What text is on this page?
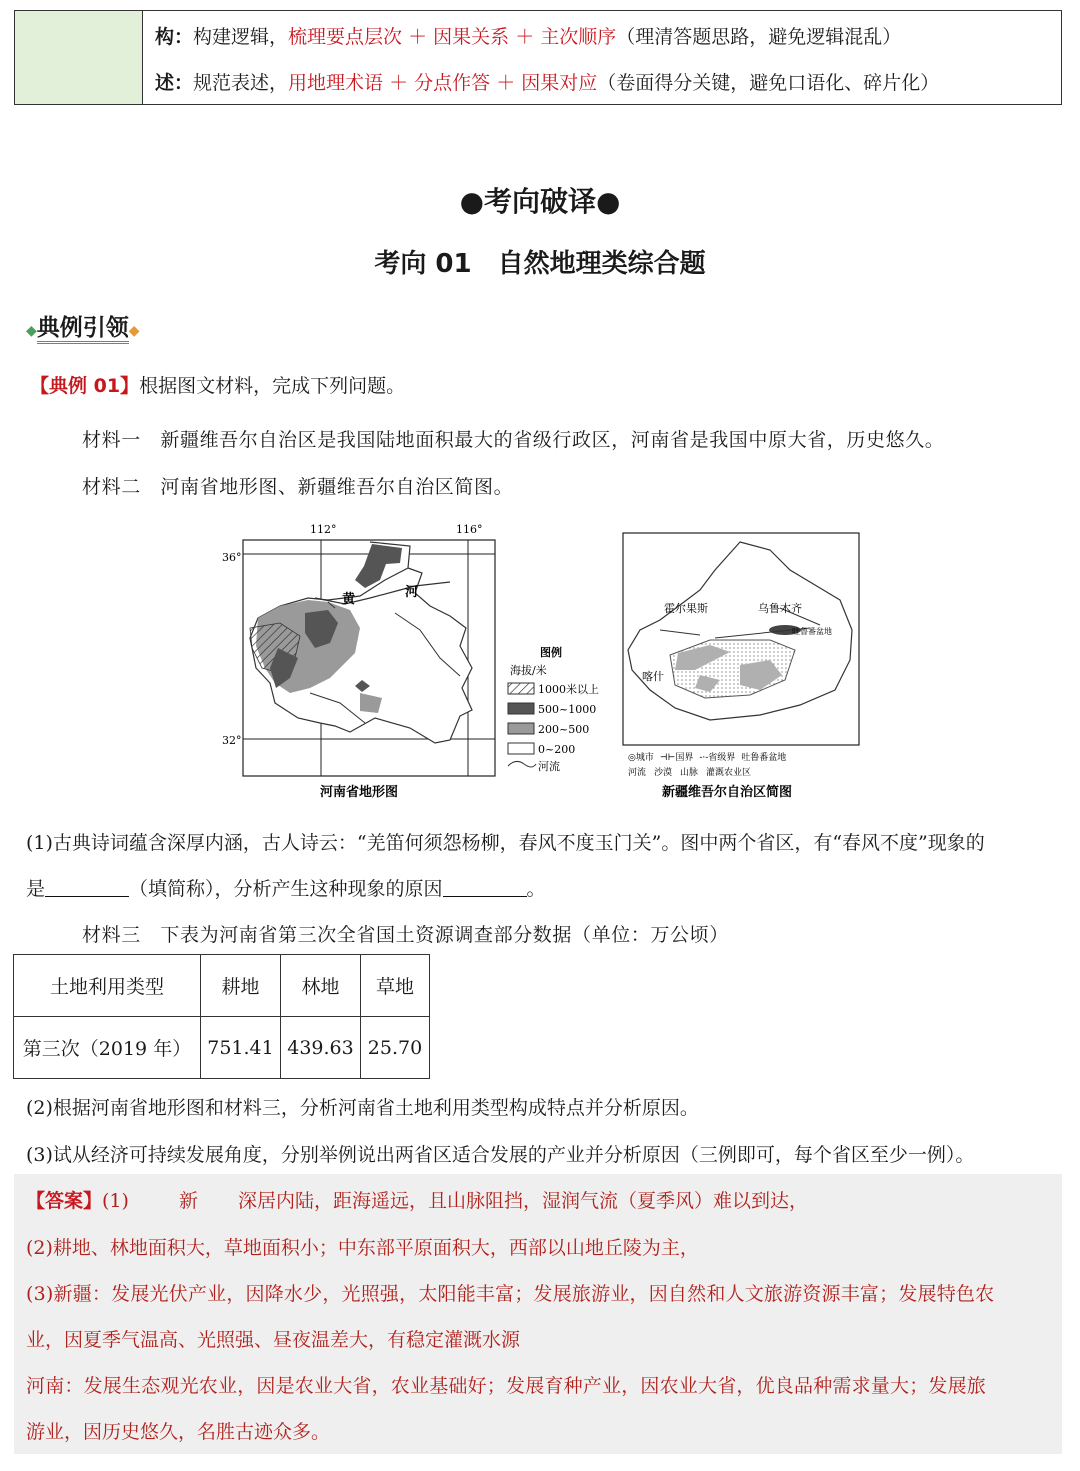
构：构建逻辑，梳理要点层次 ＋ 因果关系 ＋ 主次顺序（理清答题思路，避免逻辑混乱）
述：规范表述，用地理术语 ＋ 分点作答 ＋ 因果对应（卷面得分关键，避免口语化、碎片化）
●考向破译●
考向 01　自然地理类综合题
◆典例引领◆
【典例 01】根据图文材料，完成下列问题。
材料一　新疆维吾尔自治区是我国陆地面积最大的省级行政区，河南省是我国中原大省，历史悠久。
材料二　河南省地形图、新疆维吾尔自治区简图。
112°	116°
36°
32°
黄	河
图例
海拔/米
1000米以上
500~1000
200~500
0~200
河流
河南省地形图
霍尔果斯	乌鲁木齐
吐鲁番盆地
喀什
◎城市 ⊣⊢国界 -·-省级界 吐鲁番盆地
河流 沙漠 山脉 灌溉农业区
新疆维吾尔自治区简图
(1)古典诗词蕴含深厚内涵，古人诗云：“羌笛何须怨杨柳，春风不度玉门关”。图中两个省区，有“春风不度”现象的
是	（填简称），分析产生这种现象的原因	。
材料三　下表为河南省第三次全省国土资源调查部分数据（单位：万公顷）
土地利用类型	耕地	林地	草地
第三次（2019 年）	751.41	439.63	25.70
(2)根据河南省地形图和材料三，分析河南省土地利用类型构成特点并分析原因。
(3)试从经济可持续发展角度，分别举例说出两省区适合发展的产业并分析原因（三例即可，每个省区至少一例）。
【答案】(1)	新 深居内陆，距海遥远，且山脉阻挡，湿润气流（夏季风）难以到达，
(2)耕地、林地面积大，草地面积小；中东部平原面积大，西部以山地丘陵为主，
(3)新疆：发展光伏产业，因降水少，光照强，太阳能丰富；发展旅游业，因自然和人文旅游资源丰富；发展特色农
业，因夏季气温高、光照强、昼夜温差大，有稳定灌溉水源
河南：发展生态观光农业，因是农业大省，农业基础好；发展育种产业，因农业大省，优良品种需求量大；发展旅
游业，因历史悠久，名胜古迹众多。
